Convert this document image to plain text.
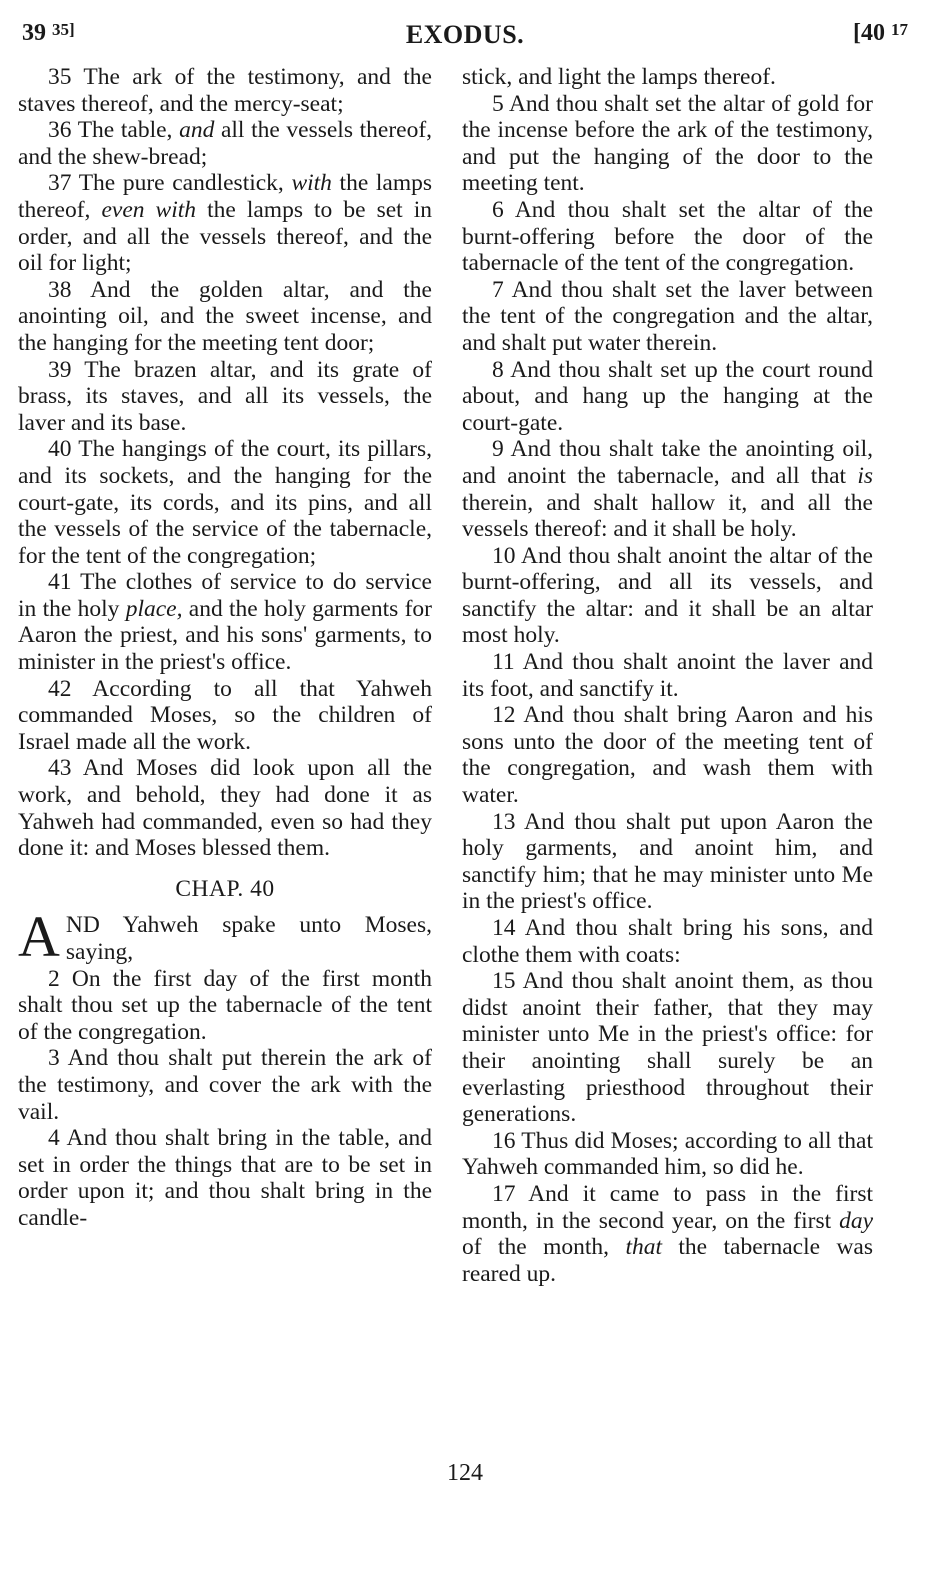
39 $^{35]}$	EXODUS.	[40 $^{17}$

35 The ark of the testimony, and the staves thereof, and the mercy-seat;

36 The table, and all the vessels thereof, and the shew-bread;

37 The pure candlestick, with the lamps thereof, even with the lamps to be set in order, and all the vessels thereof, and the oil for light;

38 And the golden altar, and the anointing oil, and the sweet incense, and the hanging for the meeting tent door;

39 The brazen altar, and its grate of brass, its staves, and all its vessels, the laver and its base.

40 The hangings of the court, its pillars, and its sockets, and the hanging for the court-gate, its cords, and its pins, and all the vessels of the service of the tabernacle, for the tent of the congregation;

41 The clothes of service to do service in the holy place, and the holy garments for Aaron the priest, and his sons' garments, to minister in the priest's office.

42 According to all that Yahweh commanded Moses, so the children of Israel made all the work.

43 And Moses did look upon all the work, and behold, they had done it as Yahweh had commanded, even so had they done it: and Moses blessed them.

CHAP. 40

AND Yahweh spake unto Moses, saying,

2 On the first day of the first month shalt thou set up the tabernacle of the tent of the congregation.

3 And thou shalt put therein the ark of the testimony, and cover the ark with the vail.

4 And thou shalt bring in the table, and set in order the things that are to be set in order upon it; and thou shalt bring in the candle-

stick, and light the lamps thereof.

5 And thou shalt set the altar of gold for the incense before the ark of the testimony, and put the hanging of the door to the meeting tent.

6 And thou shalt set the altar of the burnt-offering before the door of the tabernacle of the tent of the congregation.

7 And thou shalt set the laver between the tent of the congregation and the altar, and shalt put water therein.

8 And thou shalt set up the court round about, and hang up the hanging at the court-gate.

9 And thou shalt take the anointing oil, and anoint the tabernacle, and all that is therein, and shalt hallow it, and all the vessels thereof: and it shall be holy.

10 And thou shalt anoint the altar of the burnt-offering, and all its vessels, and sanctify the altar: and it shall be an altar most holy.

11 And thou shalt anoint the laver and its foot, and sanctify it.

12 And thou shalt bring Aaron and his sons unto the door of the meeting tent of the congregation, and wash them with water.

13 And thou shalt put upon Aaron the holy garments, and anoint him, and sanctify him; that he may minister unto Me in the priest's office.

14 And thou shalt bring his sons, and clothe them with coats:

15 And thou shalt anoint them, as thou didst anoint their father, that they may minister unto Me in the priest's office: for their anointing shall surely be an everlasting priesthood throughout their generations.

16 Thus did Moses; according to all that Yahweh commanded him, so did he.

17 And it came to pass in the first month, in the second year, on the first day of the month, that the tabernacle was reared up.

124
